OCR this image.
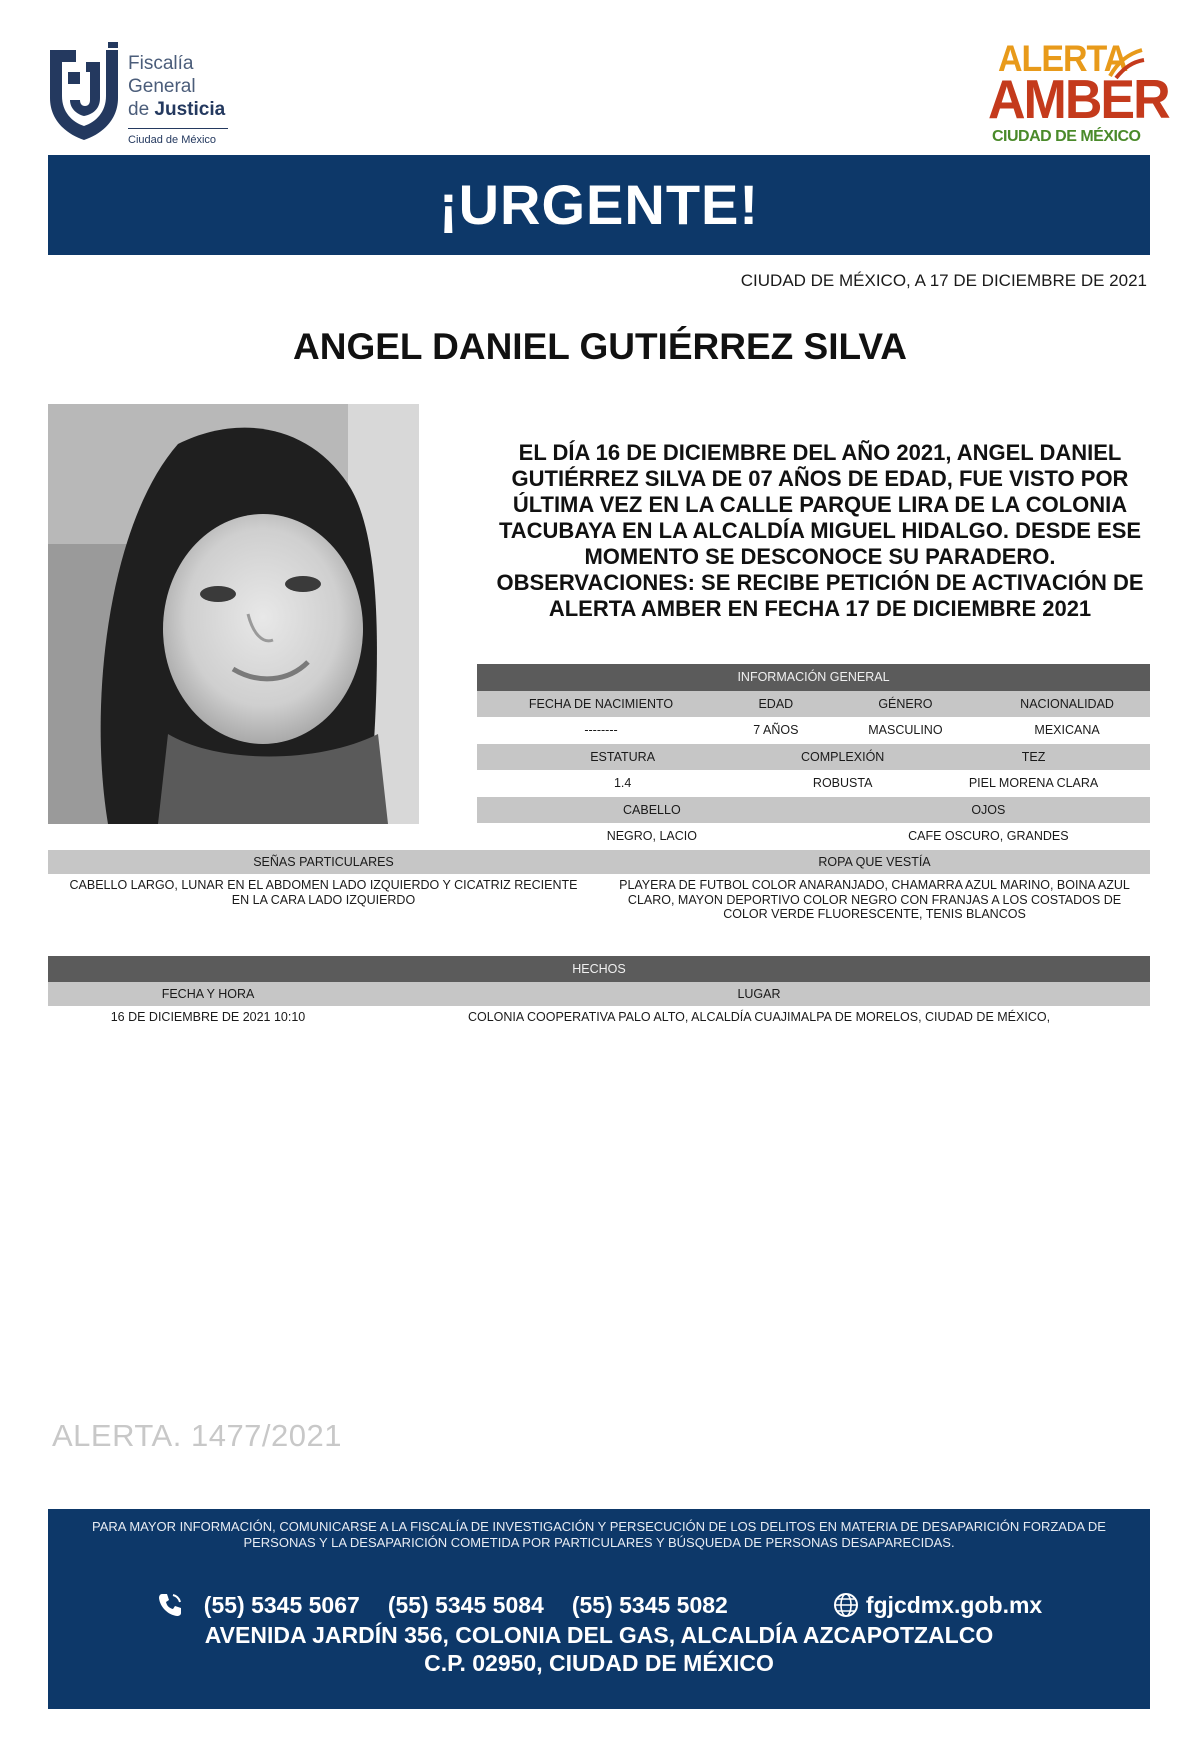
Fiscalía
General
de Justicia
Ciudad de México
ALERTA
AMBER
CIUDAD DE MÉXICO
¡URGENTE!
CIUDAD DE MÉXICO, A 17 DE DICIEMBRE DE 2021
ANGEL DANIEL GUTIÉRREZ SILVA
EL DÍA 16 DE DICIEMBRE DEL AÑO 2021, ANGEL DANIEL GUTIÉRREZ SILVA DE 07 AÑOS DE EDAD, FUE VISTO POR ÚLTIMA VEZ EN LA CALLE PARQUE LIRA DE LA COLONIA TACUBAYA EN LA ALCALDÍA MIGUEL HIDALGO. DESDE ESE MOMENTO SE DESCONOCE SU PARADERO. OBSERVACIONES: SE RECIBE PETICIÓN DE ACTIVACIÓN DE ALERTA AMBER EN FECHA 17 DE DICIEMBRE 2021
INFORMACIÓN GENERAL					
FECHA DE NACIMIENTO	EDAD		GÉNERO		NACIONALIDAD
--------	7 AÑOS		MASCULINO		MEXICANA
ESTATURA		COMPLEXIÓN		TEZ	
1.4		ROBUSTA		PIEL MORENA CLARA	
CABELLO			OJOS		
NEGRO, LACIO			CAFE OSCURO, GRANDES		
SEÑAS PARTICULARES	ROPA QUE VESTÍA
CABELLO LARGO, LUNAR EN EL ABDOMEN LADO IZQUIERDO Y CICATRIZ RECIENTE EN LA CARA LADO IZQUIERDO
PLAYERA DE FUTBOL COLOR ANARANJADO, CHAMARRA AZUL MARINO, BOINA AZUL CLARO, MAYON DEPORTIVO COLOR NEGRO CON FRANJAS A LOS COSTADOS DE COLOR VERDE FLUORESCENTE, TENIS BLANCOS
HECHOS
FECHA Y HORA	LUGAR
16 DE DICIEMBRE DE 2021 10:10	COLONIA COOPERATIVA PALO ALTO, ALCALDÍA CUAJIMALPA DE MORELOS, CIUDAD DE MÉXICO,
ALERTA. 1477/2021
PARA MAYOR INFORMACIÓN, COMUNICARSE A LA FISCALÍA DE INVESTIGACIÓN Y PERSECUCIÓN DE LOS DELITOS EN MATERIA DE DESAPARICIÓN FORZADA DE PERSONAS Y LA DESAPARICIÓN COMETIDA POR PARTICULARES Y BÚSQUEDA DE PERSONAS DESAPARECIDAS.
(55) 5345 5067 (55) 5345 5084 (55) 5345 5082	fgjcdmx.gob.mx
AVENIDA JARDÍN 356, COLONIA DEL GAS, ALCALDÍA AZCAPOTZALCO
C.P. 02950, CIUDAD DE MÉXICO
